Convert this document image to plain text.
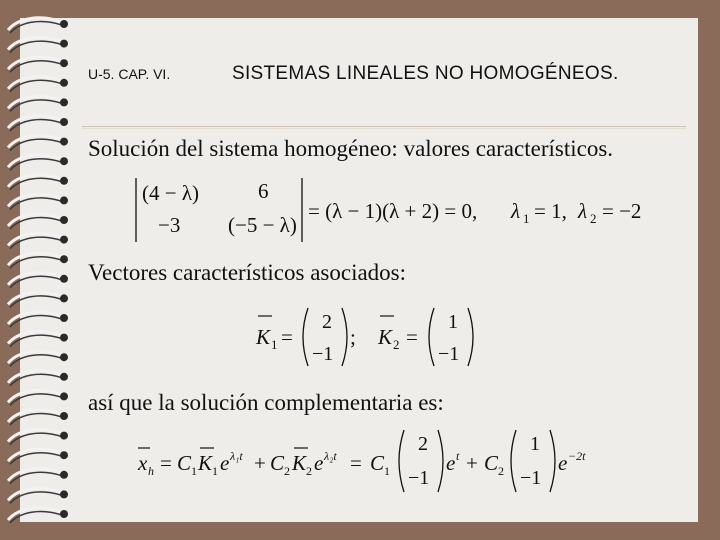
U-5. CAP. VI.	SISTEMAS LINEALES NO HOMOGÉNEOS.
Solución del sistema homogéneo: valores característicos.
(4 − λ)	6
−3 (−5 − λ)
= (λ − 1)(λ + 2) = 0, λ 1 = 1, λ 2 = −2
Vectores característicos asociados:
K 1 =
2
−1
; K 2 =
1
−1
así que la solución complementaria es:
x h = C 1 K 1 e λ₁t + C 2 K 2 e λ₂t = C 1
2
−1
e t + C 2
1
−1
e −2t
